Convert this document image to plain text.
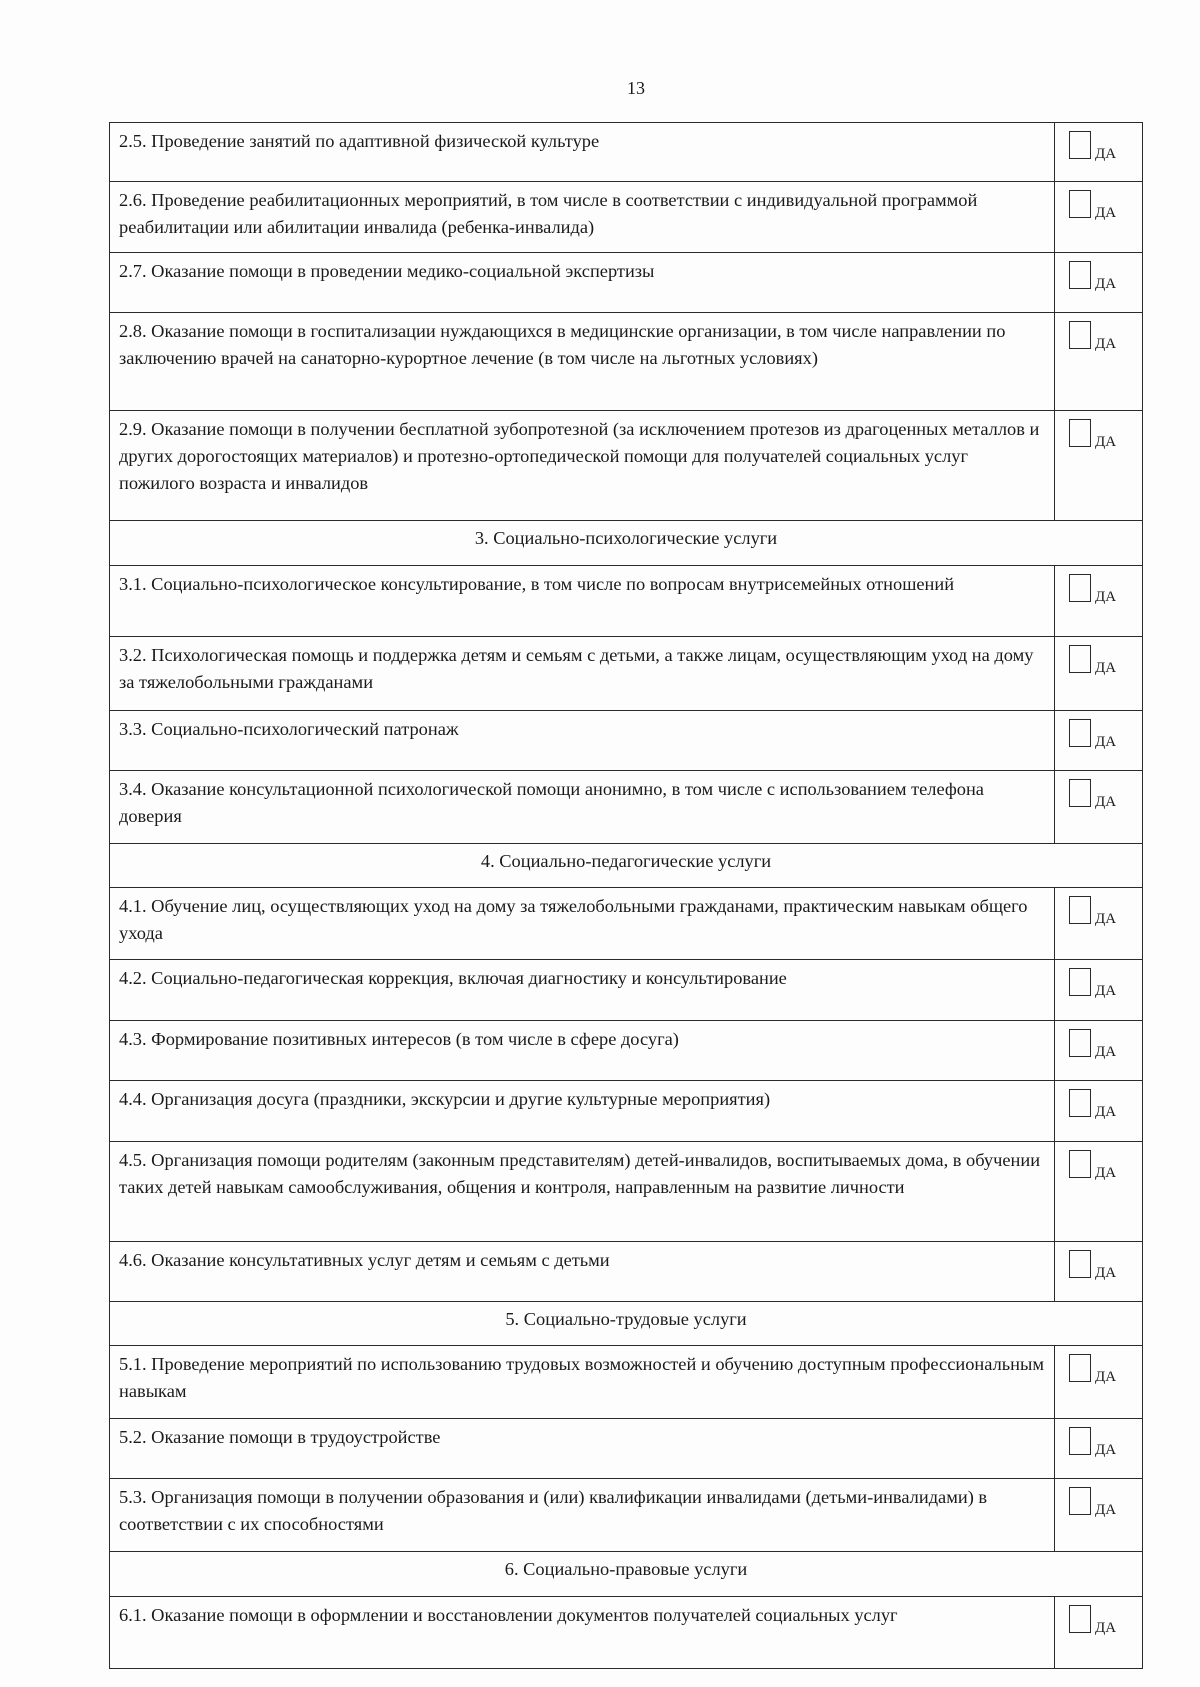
13
2.5. Проведение занятий по адаптивной физической культуре	ДА
2.6. Проведение реабилитационных мероприятий, в том числе в соответствии с индивидуальной программой реабилитации или абилитации инвалида (ребенка-инвалида)	ДА
2.7. Оказание помощи в проведении медико-социальной экспертизы	ДА
2.8. Оказание помощи в госпитализации нуждающихся в медицинские организации, в том числе направлении по заключению врачей на санаторно-курортное лечение (в том числе на льготных условиях)	ДА
2.9. Оказание помощи в получении бесплатной зубопротезной (за исключением протезов из драгоценных металлов и других дорогостоящих материалов) и протезно-ортопедической помощи для получателей социальных услуг пожилого возраста и инвалидов	ДА
3. Социально-психологические услуги	
3.1. Социально-психологическое консультирование, в том числе по вопросам внутрисемейных отношений	ДА
3.2. Психологическая помощь и поддержка детям и семьям с детьми, а также лицам, осуществляющим уход на дому за тяжелобольными гражданами	ДА
3.3. Социально-психологический патронаж	ДА
3.4. Оказание консультационной психологической помощи анонимно, в том числе с использованием телефона доверия	ДА
4. Социально-педагогические услуги	
4.1. Обучение лиц, осуществляющих уход на дому за тяжелобольными гражданами, практическим навыкам общего ухода	ДА
4.2. Социально-педагогическая коррекция, включая диагностику и консультирование	ДА
4.3. Формирование позитивных интересов (в том числе в сфере досуга)	ДА
4.4. Организация досуга (праздники, экскурсии и другие культурные мероприятия)	ДА
4.5. Организация помощи родителям (законным представителям) детей-инвалидов, воспитываемых дома, в обучении таких детей навыкам самообслуживания, общения и контроля, направленным на развитие личности	ДА
4.6. Оказание консультативных услуг детям и семьям с детьми	ДА
5. Социально-трудовые услуги	
5.1. Проведение мероприятий по использованию трудовых возможностей и обучению доступным профессиональным навыкам	ДА
5.2. Оказание помощи в трудоустройстве	ДА
5.3. Организация помощи в получении образования и (или) квалификации инвалидами (детьми-инвалидами) в соответствии с их способностями	ДА
6. Социально-правовые услуги	
6.1. Оказание помощи в оформлении и восстановлении документов получателей социальных услуг	ДА
